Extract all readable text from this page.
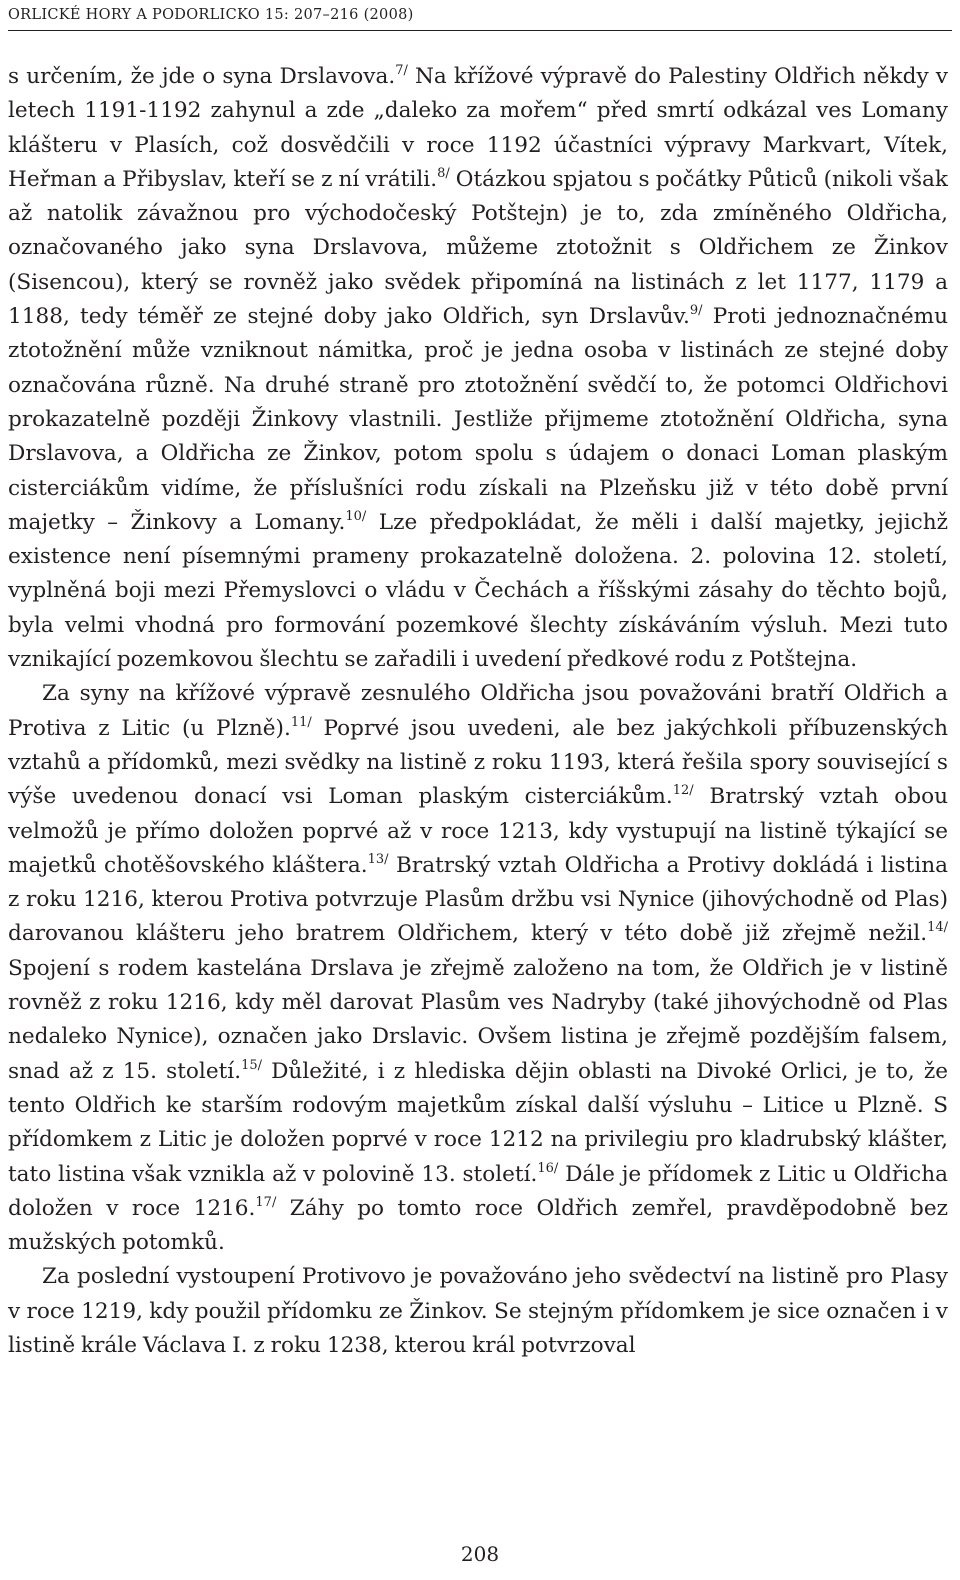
ORLICKÉ HORY A PODORLICKO 15: 207–216 (2008)

s určením, že jde o syna Drslavova.$^{7/}$ Na křížové výpravě do Palestiny Oldřich někdy v letech 1191-1192 zahynul a zde „daleko za mořem“ před smrtí odkázal ves Lomany klášteru v Plasích, což dosvědčili v roce 1192 účastníci výpravy Markvart, Vítek, Heřman a Přibyslav, kteří se z ní vrátili.$^{8/}$ Otázkou spjatou s počátky Půticů (nikoli však až natolik závažnou pro východočeský Potštejn) je to, zda zmíněného Oldřicha, označovaného jako syna Drslavova, můžeme ztotožnit s Oldřichem ze Žinkov (Sisencou), který se rovněž jako svědek připomíná na listinách z let 1177, 1179 a 1188, tedy téměř ze stejné doby jako Oldřich, syn Drslavův.$^{9/}$ Proti jednoznačnému ztotožnění může vzniknout námitka, proč je jedna osoba v listinách ze stejné doby označována různě. Na druhé straně pro ztotožnění svědčí to, že potomci Oldřichovi prokazatelně později Žinkovy vlastnili. Jestliže přijmeme ztotožnění Oldřicha, syna Drslavova, a Oldřicha ze Žinkov, potom spolu s údajem o donaci Loman plaským cisterciákům vidíme, že příslušníci rodu získali na Plzeňsku již v této době první majetky – Žinkovy a Lomany.$^{10/}$ Lze předpokládat, že měli i další majetky, jejichž existence není písemnými prameny prokazatelně doložena. 2. polovina 12. století, vyplněná boji mezi Přemyslovci o vládu v Čechách a říšskými zásahy do těchto bojů, byla velmi vhodná pro formování pozemkové šlechty získáváním výsluh. Mezi tuto vznikající pozemkovou šlechtu se zařadili i uvedení předkové rodu z Potštejna.

Za syny na křížové výpravě zesnulého Oldřicha jsou považováni bratří Oldřich a Protiva z Litic (u Plzně).$^{11/}$ Poprvé jsou uvedeni, ale bez jakýchkoli příbuzenských vztahů a přídomků, mezi svědky na listině z roku 1193, která řešila spory související s výše uvedenou donací vsi Loman plaským cisterciákům.$^{12/}$ Bratrský vztah obou velmožů je přímo doložen poprvé až v roce 1213, kdy vystupují na listině týkající se majetků chotěšovského kláštera.$^{13/}$ Bratrský vztah Oldřicha a Protivy dokládá i listina z roku 1216, kterou Protiva potvrzuje Plasům držbu vsi Nynice (jihovýchodně od Plas) darovanou klášteru jeho bratrem Oldřichem, který v této době již zřejmě nežil.$^{14/}$ Spojení s rodem kastelána Drslava je zřejmě založeno na tom, že Oldřich je v listině rovněž z roku 1216, kdy měl darovat Plasům ves Nadryby (také jihovýchodně od Plas nedaleko Nynice), označen jako Drslavic. Ovšem listina je zřejmě pozdějším falsem, snad až z 15. století.$^{15/}$ Důležité, i z hlediska dějin oblasti na Divoké Orlici, je to, že tento Oldřich ke starším rodovým majetkům získal další výsluhu – Litice u Plzně. S přídomkem z Litic je doložen poprvé v roce 1212 na privilegiu pro kladrubský klášter, tato listina však vznikla až v polovině 13. století.$^{16/}$ Dále je přídomek z Litic u Oldřicha doložen v roce 1216.$^{17/}$ Záhy po tomto roce Oldřich zemřel, pravděpodobně bez mužských potomků.

Za poslední vystoupení Protivovo je považováno jeho svědectví na listině pro Plasy v roce 1219, kdy použil přídomku ze Žinkov. Se stejným přídomkem je sice označen i v listině krále Václava I. z roku 1238, kterou král potvrzoval

208
